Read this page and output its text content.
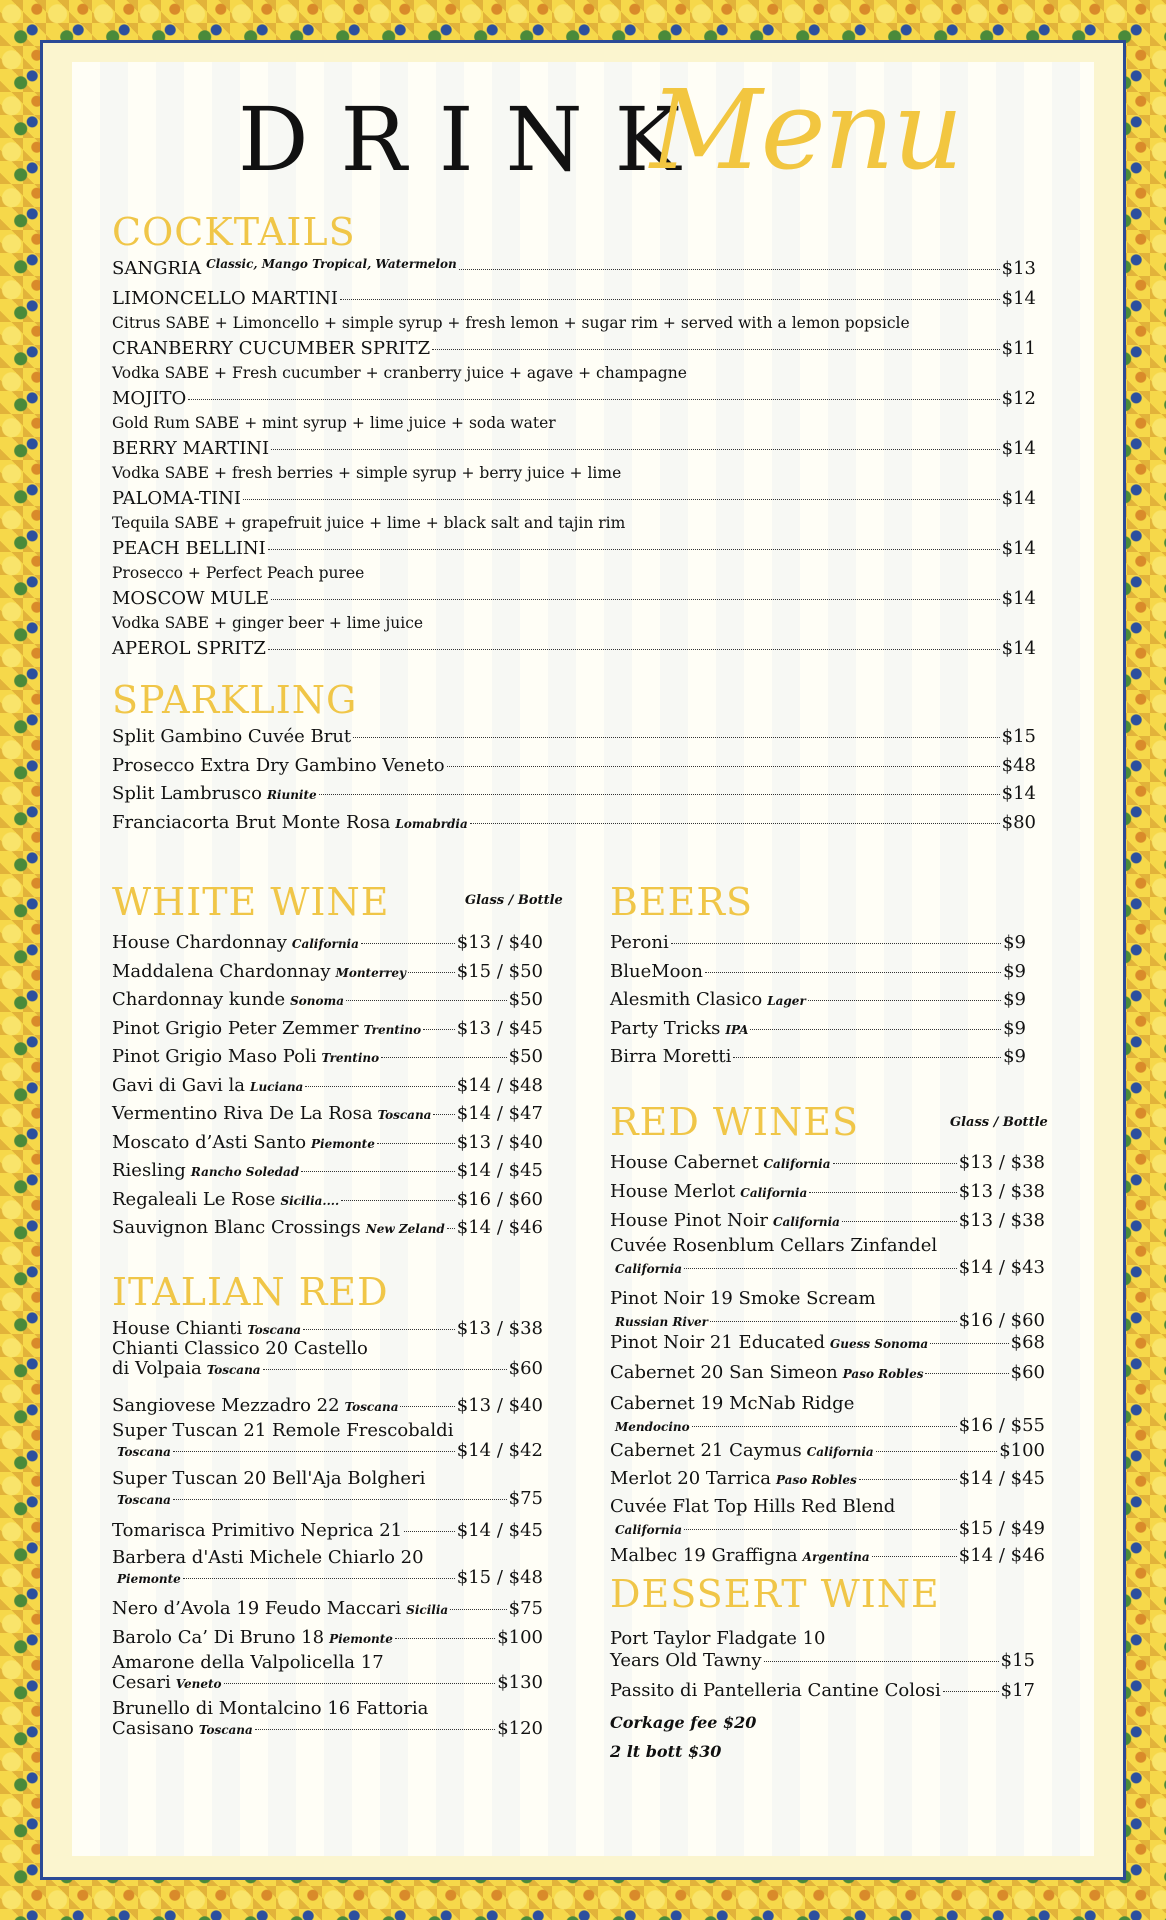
DRINK
Menu
COCKTAILS
SANGRIA Classic, Mango Tropical, Watermelon	$13
LIMONCELLO MARTINI	$14
Citrus SABE + Limoncello + simple syrup + fresh lemon + sugar rim + served with a lemon popsicle
CRANBERRY CUCUMBER SPRITZ	$11
Vodka SABE + Fresh cucumber + cranberry juice + agave + champagne
MOJITO	$12
Gold Rum SABE + mint syrup + lime juice + soda water
BERRY MARTINI	$14
Vodka SABE + fresh berries + simple syrup + berry juice + lime
PALOMA-TINI	$14
Tequila SABE + grapefruit juice + lime + black salt and tajin rim
PEACH BELLINI	$14
Prosecco + Perfect Peach puree
MOSCOW MULE	$14
Vodka SABE + ginger beer + lime juice
APEROL SPRITZ	$14
SPARKLING
Split Gambino Cuvée Brut	$15
Prosecco Extra Dry Gambino Veneto	$48
Split Lambrusco Riunite	$14
Franciacorta Brut Monte Rosa Lomabrdia	$80
WHITE WINE	Glass / Bottle
House Chardonnay California	$13 / $40
Maddalena Chardonnay Monterrey	$15 / $50
Chardonnay kunde Sonoma	$50
Pinot Grigio Peter Zemmer Trentino $13 / $45
Pinot Grigio Maso Poli Trentino	$50
Gavi di Gavi la Luciana	$14 / $48
Vermentino Riva De La Rosa Toscana $14 / $47
Moscato d’Asti Santo Piemonte	$13 / $40
Riesling Rancho Soledad	$14 / $45
Regaleali Le Rose Sicilia....	$16 / $60
Sauvignon Blanc Crossings New Zeland $14 / $46
ITALIAN RED
House Chianti Toscana	$13 / $38
Chianti Classico 20 Castello
di Volpaia Toscana	$60
Sangiovese Mezzadro 22 Toscana	$13 / $40
Super Tuscan 21 Remole Frescobaldi
Toscana	$14 / $42
Super Tuscan 20 Bell'Aja Bolgheri
Toscana	$75
Tomarisca Primitivo Neprica 21	$14 / $45
Barbera d'Asti Michele Chiarlo 20
Piemonte	$15 / $48
Nero d’Avola 19 Feudo Maccari Sicilia	$75
Barolo Ca’ Di Bruno 18 Piemonte	$100
Amarone della Valpolicella 17
Cesari Veneto	$130
Brunello di Montalcino 16 Fattoria
Casisano Toscana	$120
BEERS
Peroni	$9
BlueMoon	$9
Alesmith Clasico Lager	$9
Party Tricks IPA	$9
Birra Moretti	$9
RED WINES	Glass / Bottle
House Cabernet California	$13 / $38
House Merlot California	$13 / $38
House Pinot Noir California	$13 / $38
Cuvée Rosenblum Cellars Zinfandel
California	$14 / $43
Pinot Noir 19 Smoke Scream
Russian River	$16 / $60
Pinot Noir 21 Educated Guess Sonoma	$68
Cabernet 20 San Simeon Paso Robles	$60
Cabernet 19 McNab Ridge
Mendocino	$16 / $55
Cabernet 21 Caymus California	$100
Merlot 20 Tarrica Paso Robles	$14 / $45
Cuvée Flat Top Hills Red Blend
California	$15 / $49
Malbec 19 Graffigna Argentina	$14 / $46
DESSERT WINE
Port Taylor Fladgate 10
Years Old Tawny	$15
Passito di Pantelleria Cantine Colosi	$17
Corkage fee $20
2 lt bott $30
